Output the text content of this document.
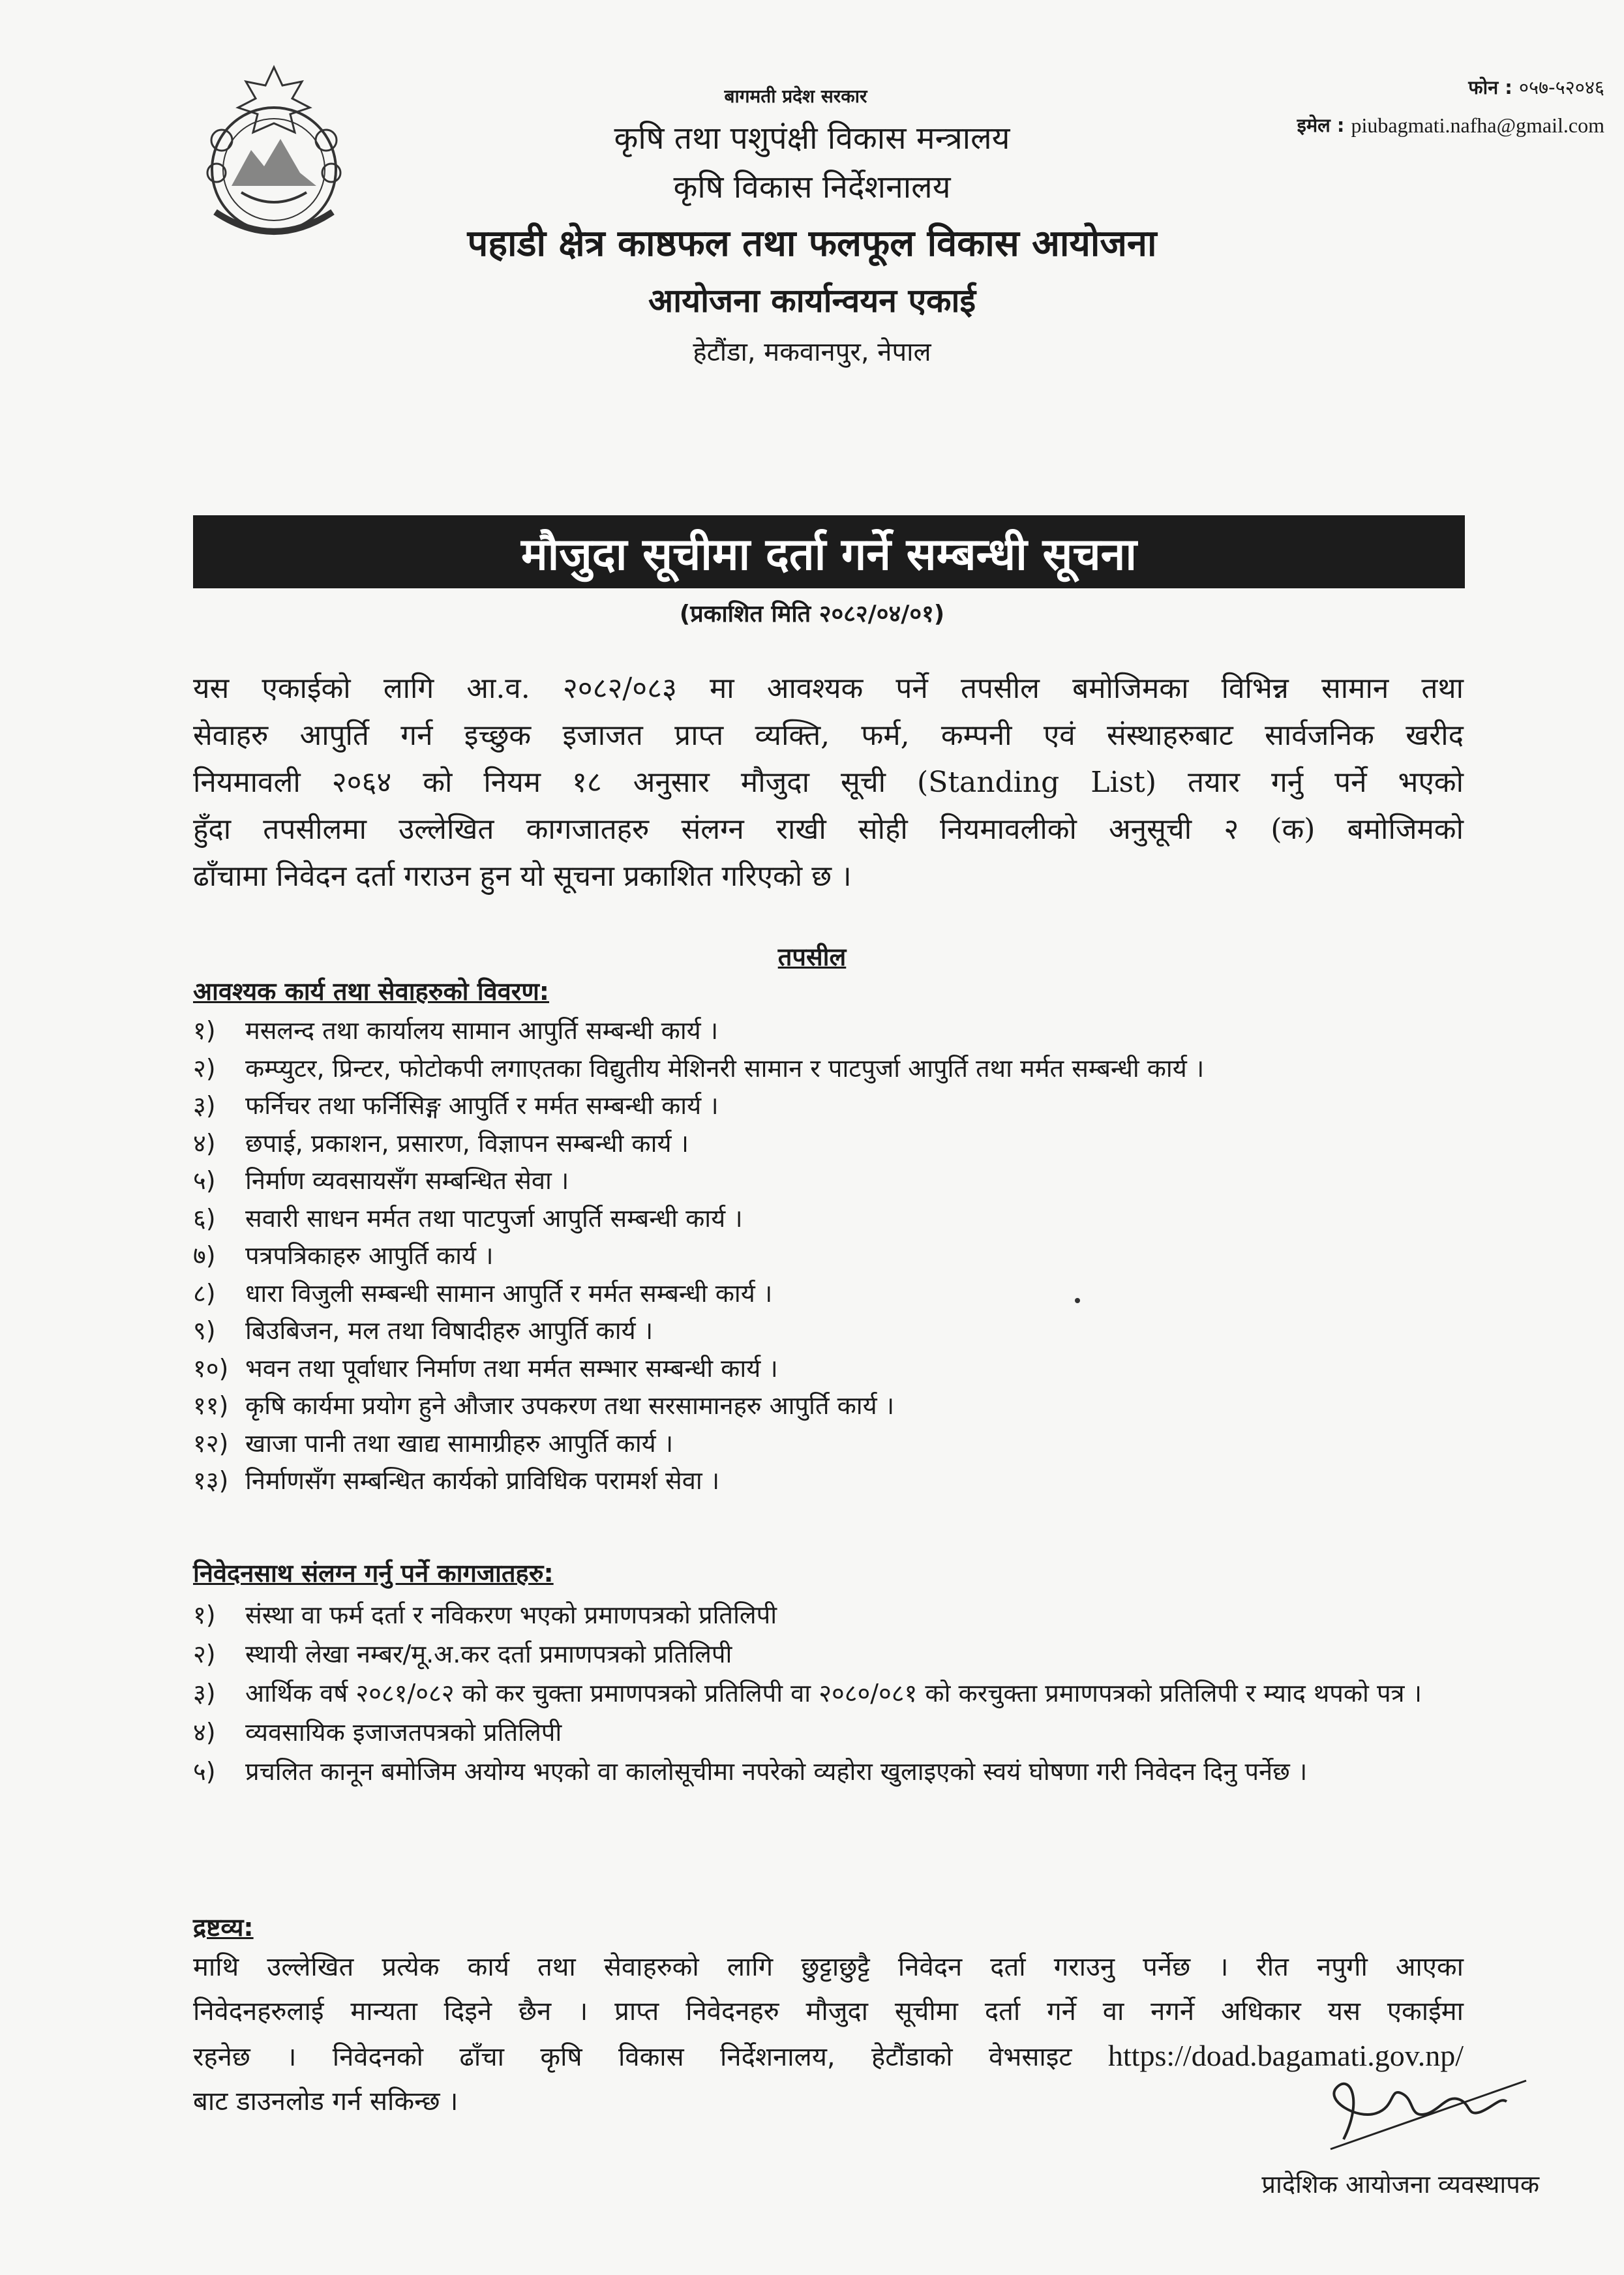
फोन : ०५७-५२०४६
इमेल : piubagmati.nafha@gmail.com
बागमती प्रदेश सरकार
कृषि तथा पशुपंक्षी विकास मन्त्रालय
कृषि विकास निर्देशनालय
पहाडी क्षेत्र काष्ठफल तथा फलफूल विकास आयोजना
आयोजना कार्यान्वयन एकाई
हेटौंडा, मकवानपुर, नेपाल
मौजुदा सूचीमा दर्ता गर्ने सम्बन्धी सूचना
(प्रकाशित मिति २०८२/०४/०१)
यस एकाईको लागि आ.व. २०८२/०८३ मा आवश्यक पर्ने तपसील बमोजिमका विभिन्न सामान तथा
सेवाहरु आपुर्ति गर्न इच्छुक इजाजत प्राप्त व्यक्ति, फर्म, कम्पनी एवं संस्थाहरुबाट सार्वजनिक खरीद
नियमावली २०६४ को नियम १८ अनुसार मौजुदा सूची (Standing List) तयार गर्नु पर्ने भएको
हुँदा तपसीलमा उल्लेखित कागजातहरु संलग्न राखी सोही नियमावलीको अनुसूची २ (क) बमोजिमको
ढाँचामा निवेदन दर्ता गराउन हुन यो सूचना प्रकाशित गरिएको छ ।
तपसील
आवश्यक कार्य तथा सेवाहरुको विवरण:
१)	मसलन्द तथा कार्यालय सामान आपुर्ति सम्बन्धी कार्य ।
२)	कम्प्युटर, प्रिन्टर, फोटोकपी लगाएतका विद्युतीय मेशिनरी सामान र पाटपुर्जा आपुर्ति तथा मर्मत सम्बन्धी कार्य ।
३)	फर्निचर तथा फर्निसिङ्ग आपुर्ति र मर्मत सम्बन्धी कार्य ।
४)	छपाई, प्रकाशन, प्रसारण, विज्ञापन सम्बन्धी कार्य ।
५)	निर्माण व्यवसायसँग सम्बन्धित सेवा ।
६)	सवारी साधन मर्मत तथा पाटपुर्जा आपुर्ति सम्बन्धी कार्य ।
७)	पत्रपत्रिकाहरु आपुर्ति कार्य ।
८)	धारा विजुली सम्बन्धी सामान आपुर्ति र मर्मत सम्बन्धी कार्य ।
९)	बिउबिजन, मल तथा विषादीहरु आपुर्ति कार्य ।
१०) भवन तथा पूर्वाधार निर्माण तथा मर्मत सम्भार सम्बन्धी कार्य ।
११) कृषि कार्यमा प्रयोग हुने औजार उपकरण तथा सरसामानहरु आपुर्ति कार्य ।
१२) खाजा पानी तथा खाद्य सामाग्रीहरु आपुर्ति कार्य ।
१३) निर्माणसँग सम्बन्धित कार्यको प्राविधिक परामर्श सेवा ।
निवेदनसाथ संलग्न गर्नु पर्ने कागजातहरु:
१)	संस्था वा फर्म दर्ता र नविकरण भएको प्रमाणपत्रको प्रतिलिपी
२)	स्थायी लेखा नम्बर/मू.अ.कर दर्ता प्रमाणपत्रको प्रतिलिपी
३)	आर्थिक वर्ष २०८१/०८२ को कर चुक्ता प्रमाणपत्रको प्रतिलिपी वा २०८०/०८१ को करचुक्ता प्रमाणपत्रको प्रतिलिपी र म्याद थपको पत्र ।
४)	व्यवसायिक इजाजतपत्रको प्रतिलिपी
५)	प्रचलित कानून बमोजिम अयोग्य भएको वा कालोसूचीमा नपरेको व्यहोरा खुलाइएको स्वयं घोषणा गरी निवेदन दिनु पर्नेछ ।
द्रष्टव्य:
माथि उल्लेखित प्रत्येक कार्य तथा सेवाहरुको लागि छुट्टाछुट्टै निवेदन दर्ता गराउनु पर्नेछ । रीत नपुगी आएका
निवेदनहरुलाई मान्यता दिइने छैन । प्राप्त निवेदनहरु मौजुदा सूचीमा दर्ता गर्ने वा नगर्ने अधिकार यस एकाईमा
रहनेछ । निवेदनको ढाँचा कृषि विकास निर्देशनालय, हेटौंडाको वेभसाइट https://doad.bagamati.gov.np/
बाट डाउनलोड गर्न सकिन्छ ।
प्रादेशिक आयोजना व्यवस्थापक
